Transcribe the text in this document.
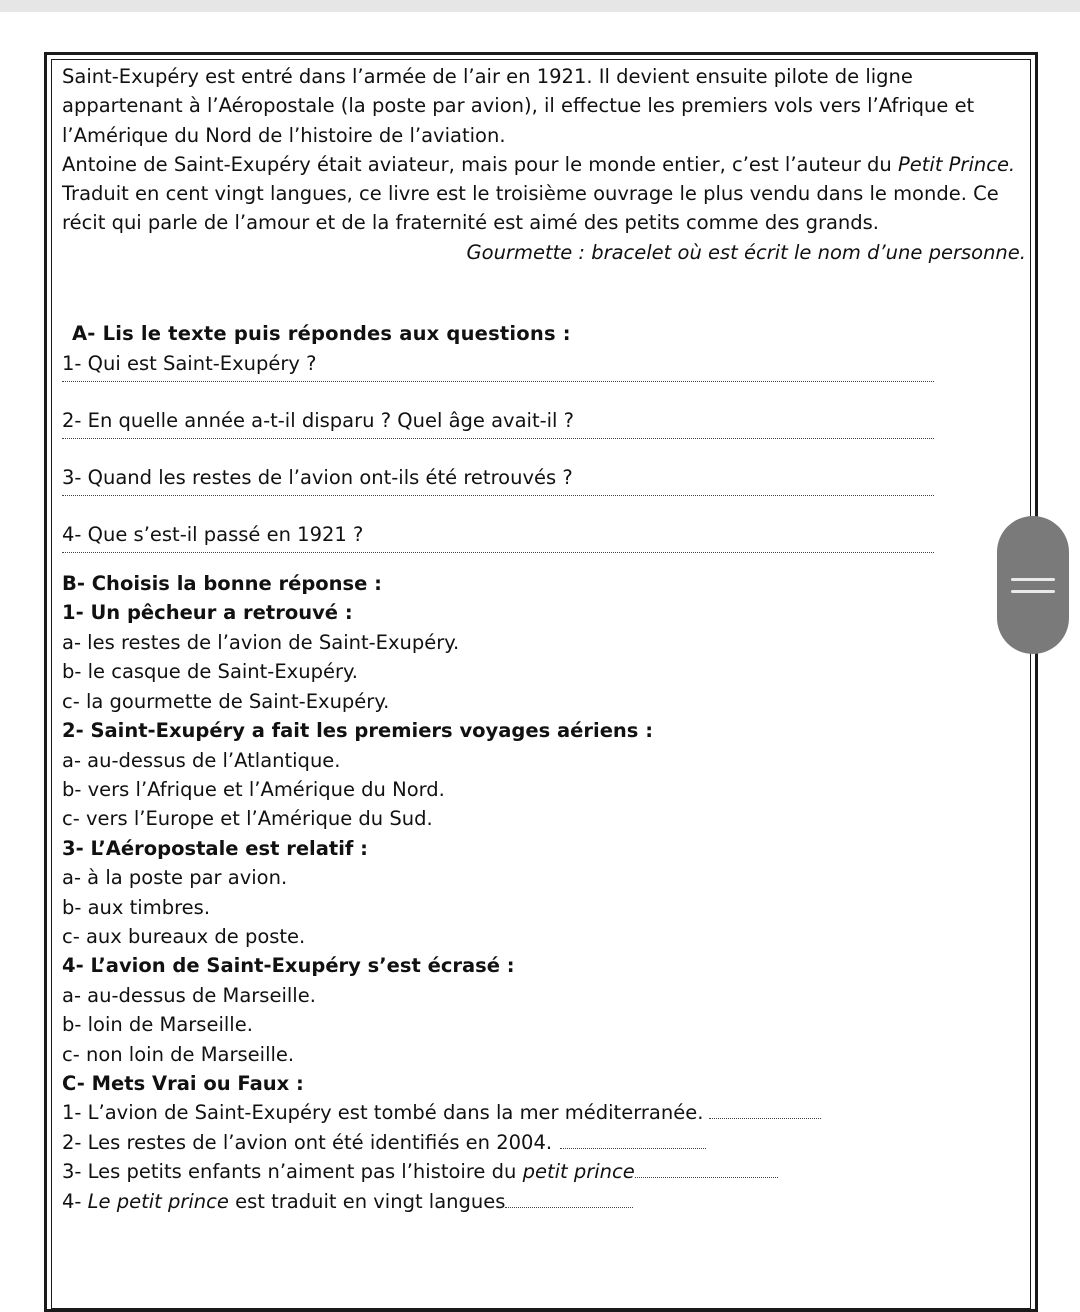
Saint-Exupéry est entré dans l’armée de l’air en 1921. Il devient ensuite pilote de ligne

appartenant à l’Aéropostale (la poste par avion), il effectue les premiers vols vers l’Afrique et

l’Amérique du Nord de l’histoire de l’aviation.

Antoine de Saint-Exupéry était aviateur, mais pour le monde entier, c’est l’auteur du Petit Prince.

Traduit en cent vingt langues, ce livre est le troisième ouvrage le plus vendu dans le monde. Ce

récit qui parle de l’amour et de la fraternité est aimé des petits comme des grands.

Gourmette : bracelet où est écrit le nom d’une personne.

A- Lis le texte puis répondes aux questions :

1- Qui est Saint-Exupéry ?

2- En quelle année a-t-il disparu ? Quel âge avait-il ?

3- Quand les restes de l’avion ont-ils été retrouvés ?

4- Que s’est-il passé en 1921 ?

B- Choisis la bonne réponse :

1- Un pêcheur a retrouvé :

a- les restes de l’avion de Saint-Exupéry.

b- le casque de Saint-Exupéry.

c- la gourmette de Saint-Exupéry.

2- Saint-Exupéry a fait les premiers voyages aériens :

a- au-dessus de l’Atlantique.

b- vers l’Afrique et l’Amérique du Nord.

c- vers l’Europe et l’Amérique du Sud.

3- L’Aéropostale est relatif :

a- à la poste par avion.

b- aux timbres.

c- aux bureaux de poste.

4- L’avion de Saint-Exupéry s’est écrasé :

a- au-dessus de Marseille.

b- loin de Marseille.

c- non loin de Marseille.

C- Mets Vrai ou Faux :

1- L’avion de Saint-Exupéry est tombé dans la mer méditerranée.

2- Les restes de l’avion ont été identifiés en 2004.

3- Les petits enfants n’aiment pas l’histoire du petit prince

4- Le petit prince est traduit en vingt langues
